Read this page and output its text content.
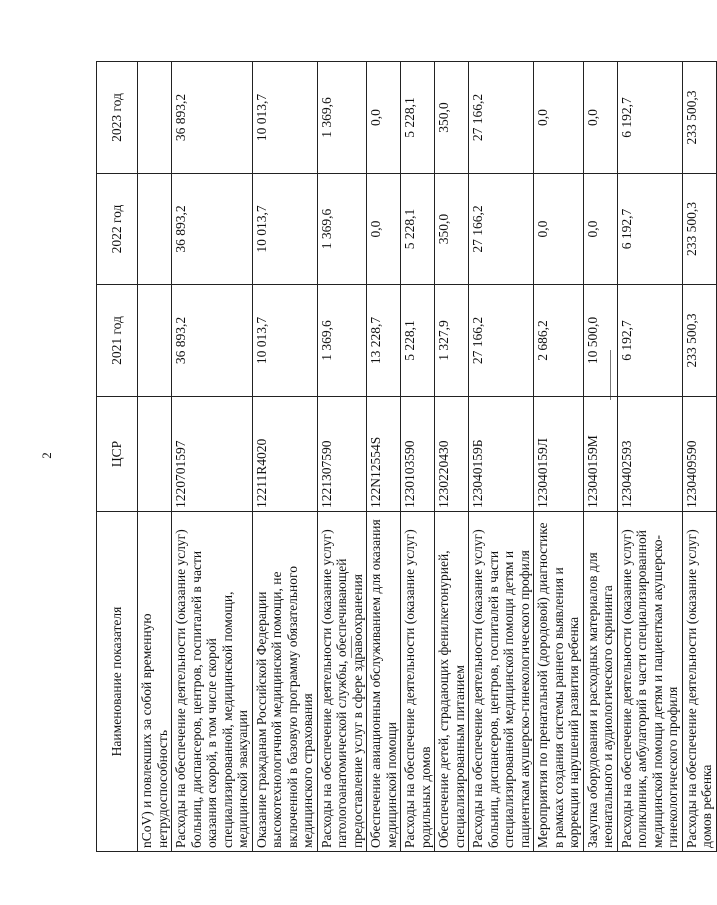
2
Наименование показателя	ЦСР	2021 год	2022 год	2023 год
nCoV) и повлекших за собой временную нетрудоспособность				
Расходы на обеспечение деятельности (оказание услуг) больниц, диспансеров, центров, госпиталей в части оказания скорой, в том числе скорой специализированной, медицинской помощи, медицинской эвакуации	1220701597	36 893,2	36 893,2	36 893,2
Оказание гражданам Российской Федерации высокотехнологичной медицинской помощи, не включенной в базовую программу обязательного медицинского страхования	12211R4020	10 013,7	10 013,7	10 013,7
Расходы на обеспечение деятельности (оказание услуг) патологоанатомической службы, обеспечивающей предоставление услуг в сфере здравоохранения	1221307590	1 369,6	1 369,6	1 369,6
Обеспечение авиационным обслуживанием для оказания медицинской помощи	122N12554S	13 228,7	0,0	0,0
Расходы на обеспечение деятельности (оказание услуг) родильных домов	1230103590	5 228,1	5 228,1	5 228,1
Обеспечение детей, страдающих фенилкетонурией, специализированным питанием	1230220430	1 327,9	350,0	350,0
Расходы на обеспечение деятельности (оказание услуг) больниц, диспансеров, центров, госпиталей в части специализированной медицинской помощи детям и пациенткам акушерско-гинекологического профиля	123040159Б	27 166,2	27 166,2	27 166,2
Мероприятия по пренатальной (дородовой) диагностике в рамках создания системы раннего выявления и коррекции нарушений развития ребенка	123040159Л	2 686,2	0,0	0,0
Закупка оборудования и расходных материалов для неонатального и аудиологического скрининга	123040159М	10 500,0	0,0	0,0
Расходы на обеспечение деятельности (оказание услуг) поликлиник, амбулаторий в части специализированной медицинской помощи детям и пациенткам акушерско-гинекологического профиля	1230402593	6 192,7	6 192,7	6 192,7
Расходы на обеспечение деятельности (оказание услуг) домов ребенка	1230409590	233 500,3	233 500,3	233 500,3
